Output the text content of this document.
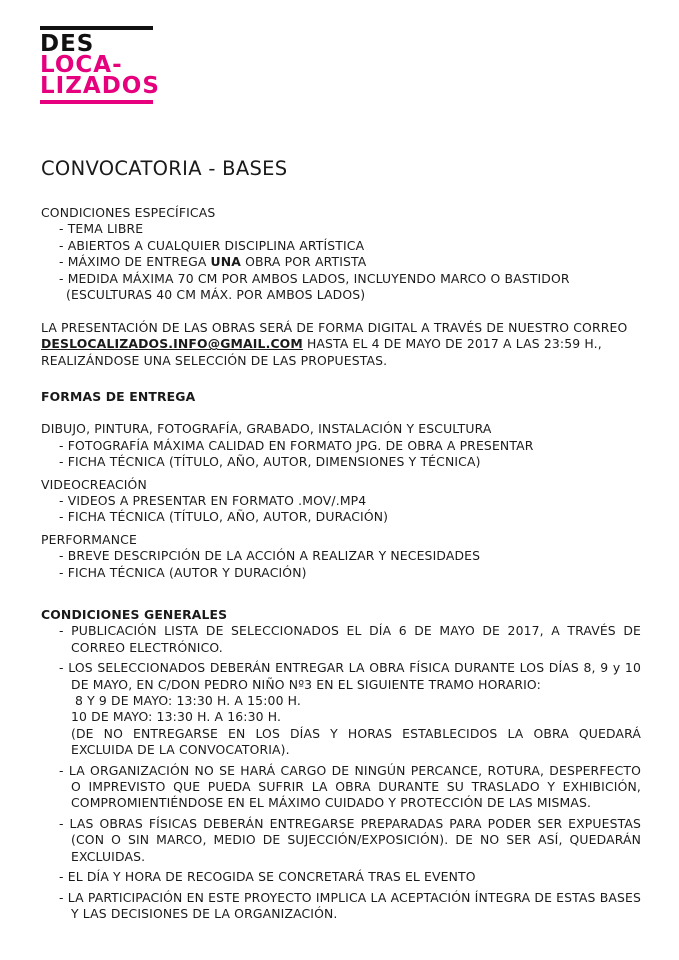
DES
LOCA-
LIZADOS
CONVOCATORIA - BASES
CONDICIONES ESPECÍFICAS
- TEMA LIBRE
- ABIERTOS A CUALQUIER DISCIPLINA ARTÍSTICA
- MÁXIMO DE ENTREGA UNA OBRA POR ARTISTA
- MEDIDA MÁXIMA 70 CM POR AMBOS LADOS, INCLUYENDO MARCO O BASTIDOR
(ESCULTURAS 40 CM MÁX. POR AMBOS LADOS)
LA PRESENTACIÓN DE LAS OBRAS SERÁ DE FORMA DIGITAL A TRAVÉS DE NUESTRO CORREO
DESLOCALIZADOS.INFO@GMAIL.COM HASTA EL 4 DE MAYO DE 2017 A LAS 23:59 H.,
REALIZÁNDOSE UNA SELECCIÓN DE LAS PROPUESTAS.
FORMAS DE ENTREGA
DIBUJO, PINTURA, FOTOGRAFÍA, GRABADO, INSTALACIÓN Y ESCULTURA
- FOTOGRAFÍA MÁXIMA CALIDAD EN FORMATO JPG. DE OBRA A PRESENTAR
- FICHA TÉCNICA (TÍTULO, AÑO, AUTOR, DIMENSIONES Y TÉCNICA)
VIDEOCREACIÓN
- VIDEOS A PRESENTAR EN FORMATO .MOV/.MP4
- FICHA TÉCNICA (TÍTULO, AÑO, AUTOR, DURACIÓN)
PERFORMANCE
- BREVE DESCRIPCIÓN DE LA ACCIÓN A REALIZAR Y NECESIDADES
- FICHA TÉCNICA (AUTOR Y DURACIÓN)
CONDICIONES GENERALES
- PUBLICACIÓN LISTA DE SELECCIONADOS EL DÍA 6 DE MAYO DE 2017, A TRAVÉS DE CORREO ELECTRÓNICO.
- LOS SELECCIONADOS DEBERÁN ENTREGAR LA OBRA FÍSICA DURANTE LOS DÍAS 8, 9 y 10 DE MAYO, EN C/DON PEDRO NIÑO Nº3 EN EL SIGUIENTE TRAMO HORARIO:
8 Y 9 DE MAYO: 13:30 H. A 15:00 H.
10 DE MAYO: 13:30 H. A 16:30 H.
(DE NO ENTREGARSE EN LOS DÍAS Y HORAS ESTABLECIDOS LA OBRA QUEDARÁ EXCLUIDA DE LA CONVOCATORIA).
- LA ORGANIZACIÓN NO SE HARÁ CARGO DE NINGÚN PERCANCE, ROTURA, DESPERFECTO O IMPREVISTO QUE PUEDA SUFRIR LA OBRA DURANTE SU TRASLADO Y EXHIBICIÓN, COMPROMIENTIÉNDOSE EN EL MÁXIMO CUIDADO Y PROTECCIÓN DE LAS MISMAS.
- LAS OBRAS FÍSICAS DEBERÁN ENTREGARSE PREPARADAS PARA PODER SER EXPUESTAS (CON O SIN MARCO, MEDIO DE SUJECCIÓN/EXPOSICIÓN). DE NO SER ASÍ, QUEDARÁN EXCLUIDAS.
- EL DÍA Y HORA DE RECOGIDA SE CONCRETARÁ TRAS EL EVENTO
- LA PARTICIPACIÓN EN ESTE PROYECTO IMPLICA LA ACEPTACIÓN ÍNTEGRA DE ESTAS BASES Y LAS DECISIONES DE LA ORGANIZACIÓN.
